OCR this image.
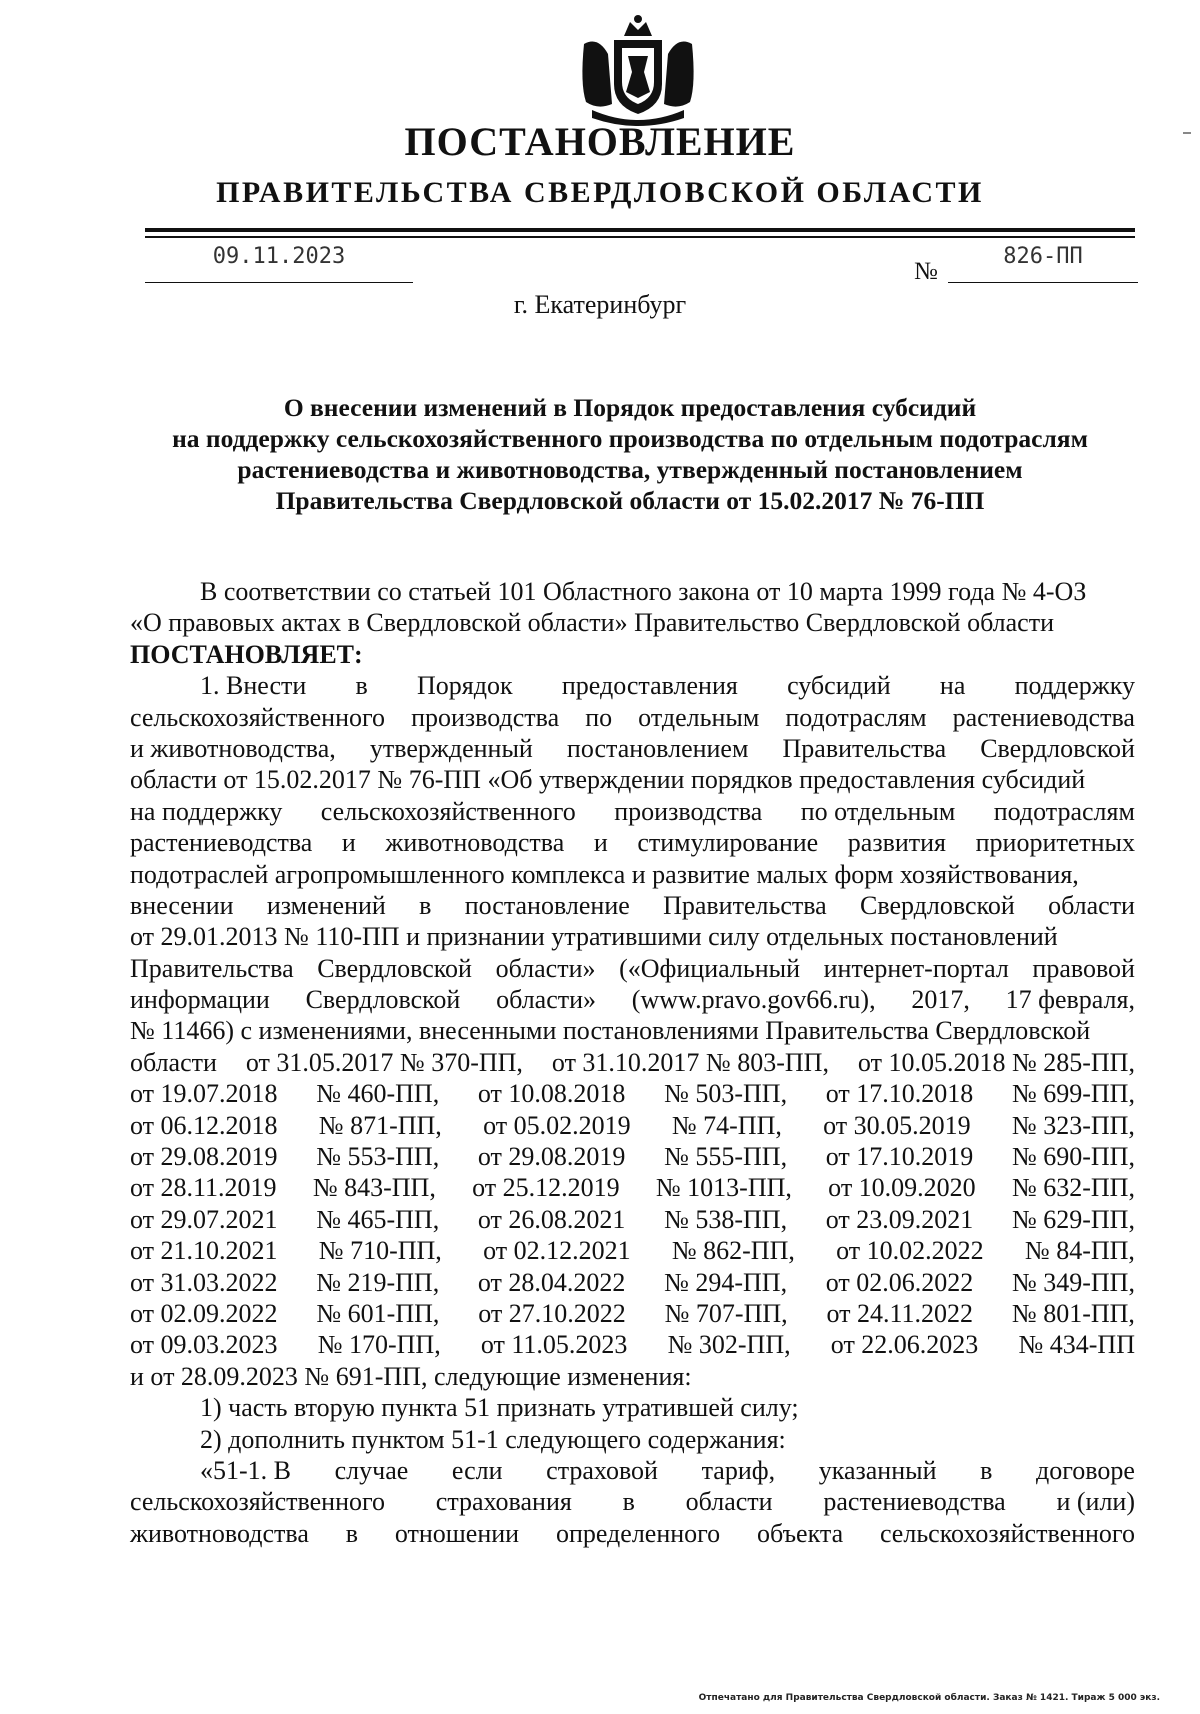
ПОСТАНОВЛЕНИЕ
ПРАВИТЕЛЬСТВА СВЕРДЛОВСКОЙ ОБЛАСТИ
09.11.2023
№
826-ПП
г. Екатеринбург
О внесении изменений в Порядок предоставления субсидий
на поддержку сельскохозяйственного производства по отдельным подотраслям
растениеводства и животноводства, утвержденный постановлением
Правительства Свердловской области от 15.02.2017 № 76-ПП
В соответствии со статьей 101 Областного закона от 10 марта 1999 года № 4-ОЗ
«О правовых актах в Свердловской области» Правительство Свердловской области
ПОСТАНОВЛЯЕТ:
1. Внести в Порядок предоставления субсидий на поддержку
сельскохозяйственного производства по отдельным подотраслям растениеводства
и животноводства, утвержденный постановлением Правительства Свердловской
области от 15.02.2017 № 76-ПП «Об утверждении порядков предоставления субсидий
на поддержку сельскохозяйственного производства по отдельным подотраслям
растениеводства и животноводства и стимулирование развития приоритетных
подотраслей агропромышленного комплекса и развитие малых форм хозяйствования,
внесении изменений в постановление Правительства Свердловской области
от 29.01.2013 № 110-ПП и признании утратившими силу отдельных постановлений
Правительства Свердловской области» («Официальный интернет-портал правовой
информации Свердловской области» (www.pravo.gov66.ru), 2017, 17 февраля,
№ 11466) с изменениями, внесенными постановлениями Правительства Свердловской
области от 31.05.2017 № 370-ПП, от 31.10.2017 № 803-ПП, от 10.05.2018 № 285-ПП,
от 19.07.2018 № 460-ПП, от 10.08.2018 № 503-ПП, от 17.10.2018 № 699-ПП,
от 06.12.2018 № 871-ПП, от 05.02.2019 № 74-ПП, от 30.05.2019 № 323-ПП,
от 29.08.2019 № 553-ПП, от 29.08.2019 № 555-ПП, от 17.10.2019 № 690-ПП,
от 28.11.2019 № 843-ПП, от 25.12.2019 № 1013-ПП, от 10.09.2020 № 632-ПП,
от 29.07.2021 № 465-ПП, от 26.08.2021 № 538-ПП, от 23.09.2021 № 629-ПП,
от 21.10.2021 № 710-ПП, от 02.12.2021 № 862-ПП, от 10.02.2022 № 84-ПП,
от 31.03.2022 № 219-ПП, от 28.04.2022 № 294-ПП, от 02.06.2022 № 349-ПП,
от 02.09.2022 № 601-ПП, от 27.10.2022 № 707-ПП, от 24.11.2022 № 801-ПП,
от 09.03.2023 № 170-ПП, от 11.05.2023 № 302-ПП, от 22.06.2023 № 434-ПП
и от 28.09.2023 № 691-ПП, следующие изменения:
1) часть вторую пункта 51 признать утратившей силу;
2) дополнить пунктом 51-1 следующего содержания:
«51-1. В случае если страховой тариф, указанный в договоре
сельскохозяйственного страхования в области растениеводства и (или)
животноводства в отношении определенного объекта сельскохозяйственного
Отпечатано для Правительства Свердловской области. Заказ № 1421. Тираж 5 000 экз.
